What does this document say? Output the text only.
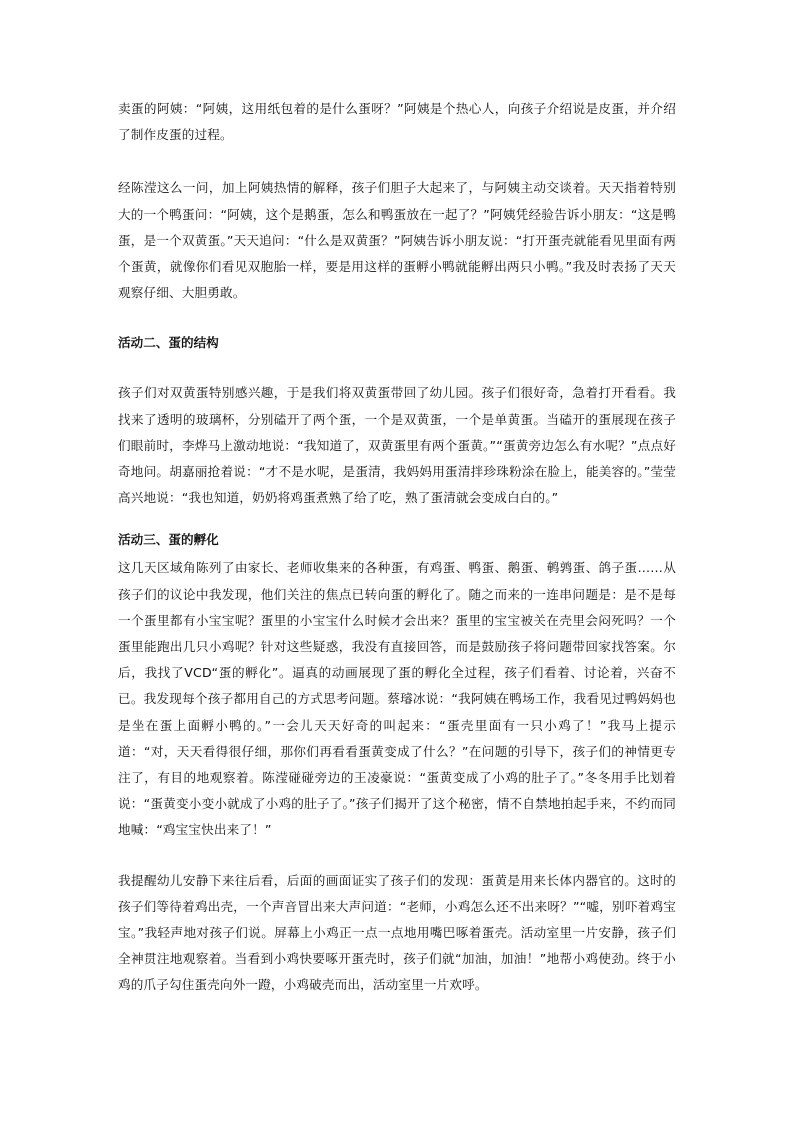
卖蛋的阿姨：“阿姨，这用纸包着的是什么蛋呀？”阿姨是个热心人，向孩子介绍说是皮蛋，并介绍了制作皮蛋的过程。

经陈滢这么一问，加上阿姨热情的解释，孩子们胆子大起来了，与阿姨主动交谈着。天天指着特别大的一个鸭蛋问：“阿姨，这个是鹅蛋，怎么和鸭蛋放在一起了？”阿姨凭经验告诉小朋友：“这是鸭蛋，是一个双黄蛋。”天天追问：“什么是双黄蛋？”阿姨告诉小朋友说：“打开蛋壳就能看见里面有两个蛋黄，就像你们看见双胞胎一样，要是用这样的蛋孵小鸭就能孵出两只小鸭。”我及时表扬了天天观察仔细、大胆勇敢。

活动二、蛋的结构

孩子们对双黄蛋特别感兴趣，于是我们将双黄蛋带回了幼儿园。孩子们很好奇，急着打开看看。我找来了透明的玻璃杯，分别磕开了两个蛋，一个是双黄蛋，一个是单黄蛋。当磕开的蛋展现在孩子们眼前时，李烨马上激动地说：“我知道了，双黄蛋里有两个蛋黄。”“蛋黄旁边怎么有水呢？”点点好奇地问。胡嘉丽抢着说：“才不是水呢，是蛋清，我妈妈用蛋清拌珍珠粉涂在脸上，能美容的。”莹莹高兴地说：“我也知道，奶奶将鸡蛋煮熟了给了吃，熟了蛋清就会变成白白的。”

活动三、蛋的孵化

这几天区域角陈列了由家长、老师收集来的各种蛋，有鸡蛋、鸭蛋、鹅蛋、鹌鹑蛋、鸽子蛋……从孩子们的议论中我发现，他们关注的焦点已转向蛋的孵化了。随之而来的一连串问题是：是不是每一个蛋里都有小宝宝呢？蛋里的小宝宝什么时候才会出来？蛋里的宝宝被关在壳里会闷死吗？一个蛋里能跑出几只小鸡呢？针对这些疑惑，我没有直接回答，而是鼓励孩子将问题带回家找答案。尔后，我找了VCD“蛋的孵化”。逼真的动画展现了蛋的孵化全过程，孩子们看着、讨论着，兴奋不已。我发现每个孩子都用自己的方式思考问题。蔡璿冰说：“我阿姨在鸭场工作，我看见过鸭妈妈也是坐在蛋上面孵小鸭的。”一会儿天天好奇的叫起来：“蛋壳里面有一只小鸡了！”我马上提示道：“对，天天看得很仔细，那你们再看看蛋黄变成了什么？”在问题的引导下，孩子们的神情更专注了，有目的地观察着。陈滢碰碰旁边的王凌豪说：“蛋黄变成了小鸡的肚子了。”冬冬用手比划着说：“蛋黄变小变小就成了小鸡的肚子了。”孩子们揭开了这个秘密，情不自禁地拍起手来，不约而同地喊：“鸡宝宝快出来了！”

我提醒幼儿安静下来往后看，后面的画面证实了孩子们的发现：蛋黄是用来长体内器官的。这时的孩子们等待着鸡出壳，一个声音冒出来大声问道：“老师，小鸡怎么还不出来呀？”“嘘，别吓着鸡宝宝。”我轻声地对孩子们说。屏幕上小鸡正一点一点地用嘴巴啄着蛋壳。活动室里一片安静，孩子们全神贯注地观察着。当看到小鸡快要啄开蛋壳时，孩子们就“加油，加油！”地帮小鸡使劲。终于小鸡的爪子勾住蛋壳向外一蹬，小鸡破壳而出，活动室里一片欢呼。
